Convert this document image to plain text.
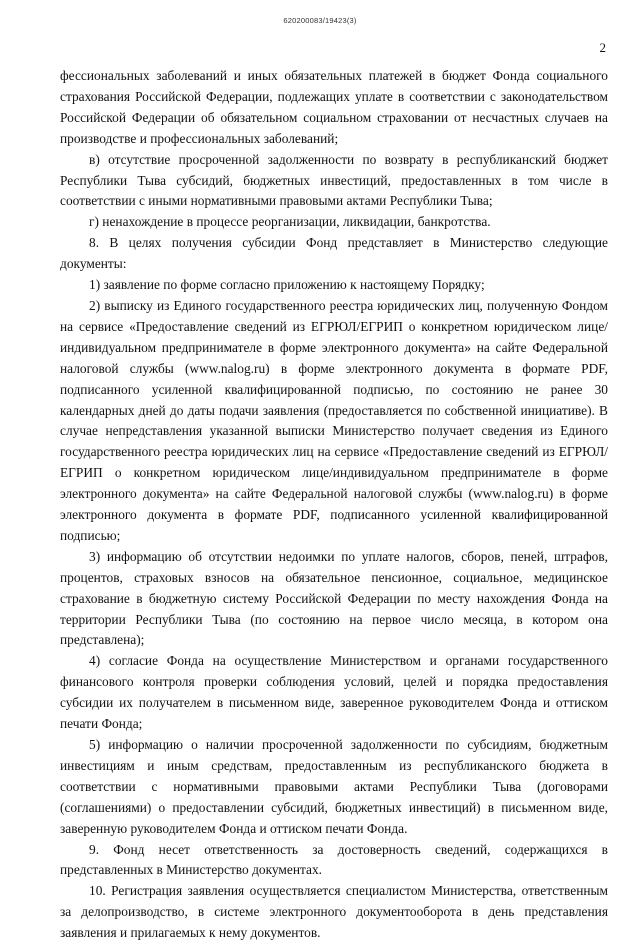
620200083/19423(3)
2

фессиональных заболеваний и иных обязательных платежей в бюджет Фонда социального страхования Российской Федерации, подлежащих уплате в соответствии с законодательством Российской Федерации об обязательном социальном страховании от несчастных случаев на производстве и профессиональных заболеваний;

в) отсутствие просроченной задолженности по возврату в республиканский бюджет Республики Тыва субсидий, бюджетных инвестиций, предоставленных в том числе в соответствии с иными нормативными правовыми актами Республики Тыва;

г) ненахождение в процессе реорганизации, ликвидации, банкротства.

8. В целях получения субсидии Фонд представляет в Министерство следующие документы:

1) заявление по форме согласно приложению к настоящему Порядку;

2) выписку из Единого государственного реестра юридических лиц, полученную Фондом на сервисе «Предоставление сведений из ЕГРЮЛ/ЕГРИП о конкретном юридическом лице/индивидуальном предпринимателе в форме электронного документа» на сайте Федеральной налоговой службы (www.nalog.ru) в форме электронного документа в формате PDF, подписанного усиленной квалифицированной подписью, по состоянию не ранее 30 календарных дней до даты подачи заявления (предоставляется по собственной инициативе). В случае непредставления указанной выписки Министерство получает сведения из Единого государственного реестра юридических лиц на сервисе «Предоставление сведений из ЕГРЮЛ/ЕГРИП о конкретном юридическом лице/индивидуальном предпринимателе в форме электронного документа» на сайте Федеральной налоговой службы (www.nalog.ru) в форме электронного документа в формате PDF, подписанного усиленной квалифицированной подписью;

3) информацию об отсутствии недоимки по уплате налогов, сборов, пеней, штрафов, процентов, страховых взносов на обязательное пенсионное, социальное, медицинское страхование в бюджетную систему Российской Федерации по месту нахождения Фонда на территории Республики Тыва (по состоянию на первое число месяца, в котором она представлена);

4) согласие Фонда на осуществление Министерством и органами государственного финансового контроля проверки соблюдения условий, целей и порядка предоставления субсидии их получателем в письменном виде, заверенное руководителем Фонда и оттиском печати Фонда;

5) информацию о наличии просроченной задолженности по субсидиям, бюджетным инвестициям и иным средствам, предоставленным из республиканского бюджета в соответствии с нормативными правовыми актами Республики Тыва (договорами (соглашениями) о предоставлении субсидий, бюджетных инвестиций) в письменном виде, заверенную руководителем Фонда и оттиском печати Фонда.

9. Фонд несет ответственность за достоверность сведений, содержащихся в представленных в Министерство документах.

10. Регистрация заявления осуществляется специалистом Министерства, ответственным за делопроизводство, в системе электронного документооборота в день представления заявления и прилагаемых к нему документов.
